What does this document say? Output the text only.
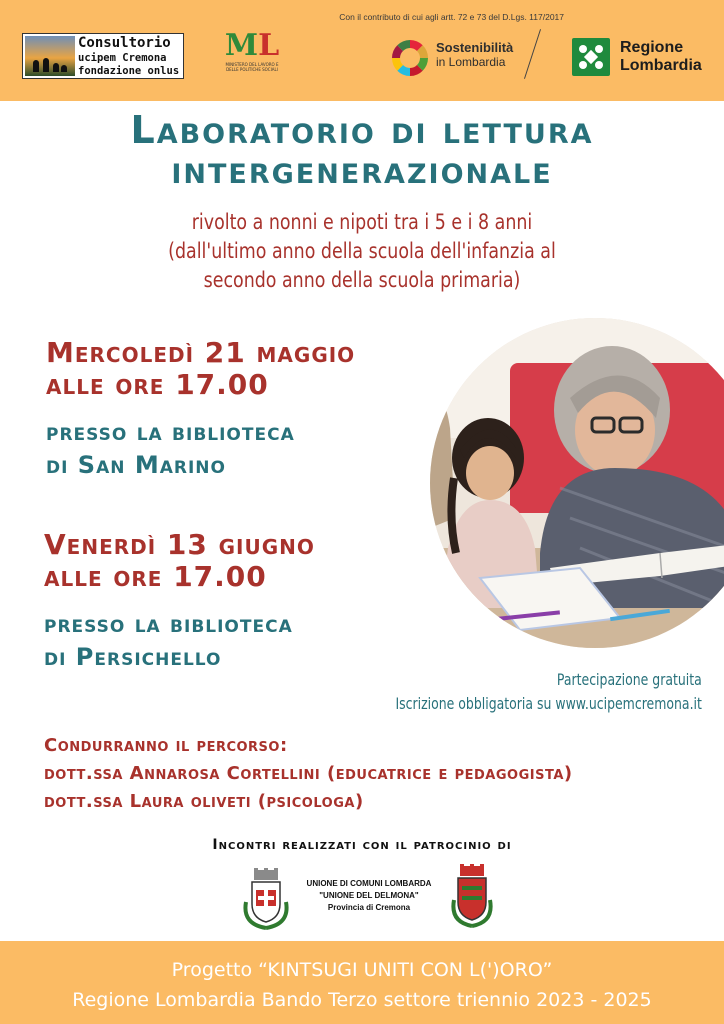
Con il contributo di cui agli artt. 72 e 73 del D.Lgs. 117/2017
Consultorio
ucipem Cremona
fondazione onlus
ML
MINISTERO DEL LAVORO E DELLE POLITICHE SOCIALI
Sostenibilità
in Lombardia
Regione
Lombardia
Laboratorio di lettura
intergenerazionale
rivolto a nonni e nipoti tra i 5 e i 8 anni
(dall'ultimo anno della scuola dell'infanzia al
secondo anno della scuola primaria)
Mercoledì 21 maggio
alle ore 17.00
presso la biblioteca
di San Marino
Venerdì 13 giugno
alle ore 17.00
presso la biblioteca
di Persichello
Partecipazione gratuita
Iscrizione obbligatoria su www.ucipemcremona.it
Condurranno il percorso:
dott.ssa Annarosa Cortellini (educatrice e pedagogista)
dott.ssa Laura oliveti (psicologa)
Incontri realizzati con il patrocinio di
UNIONE DI COMUNI LOMBARDA
"UNIONE DEL DELMONA"
Provincia di Cremona
Progetto “KINTSUGI UNITI CON L(')ORO”
Regione Lombardia Bando Terzo settore triennio 2023 - 2025
